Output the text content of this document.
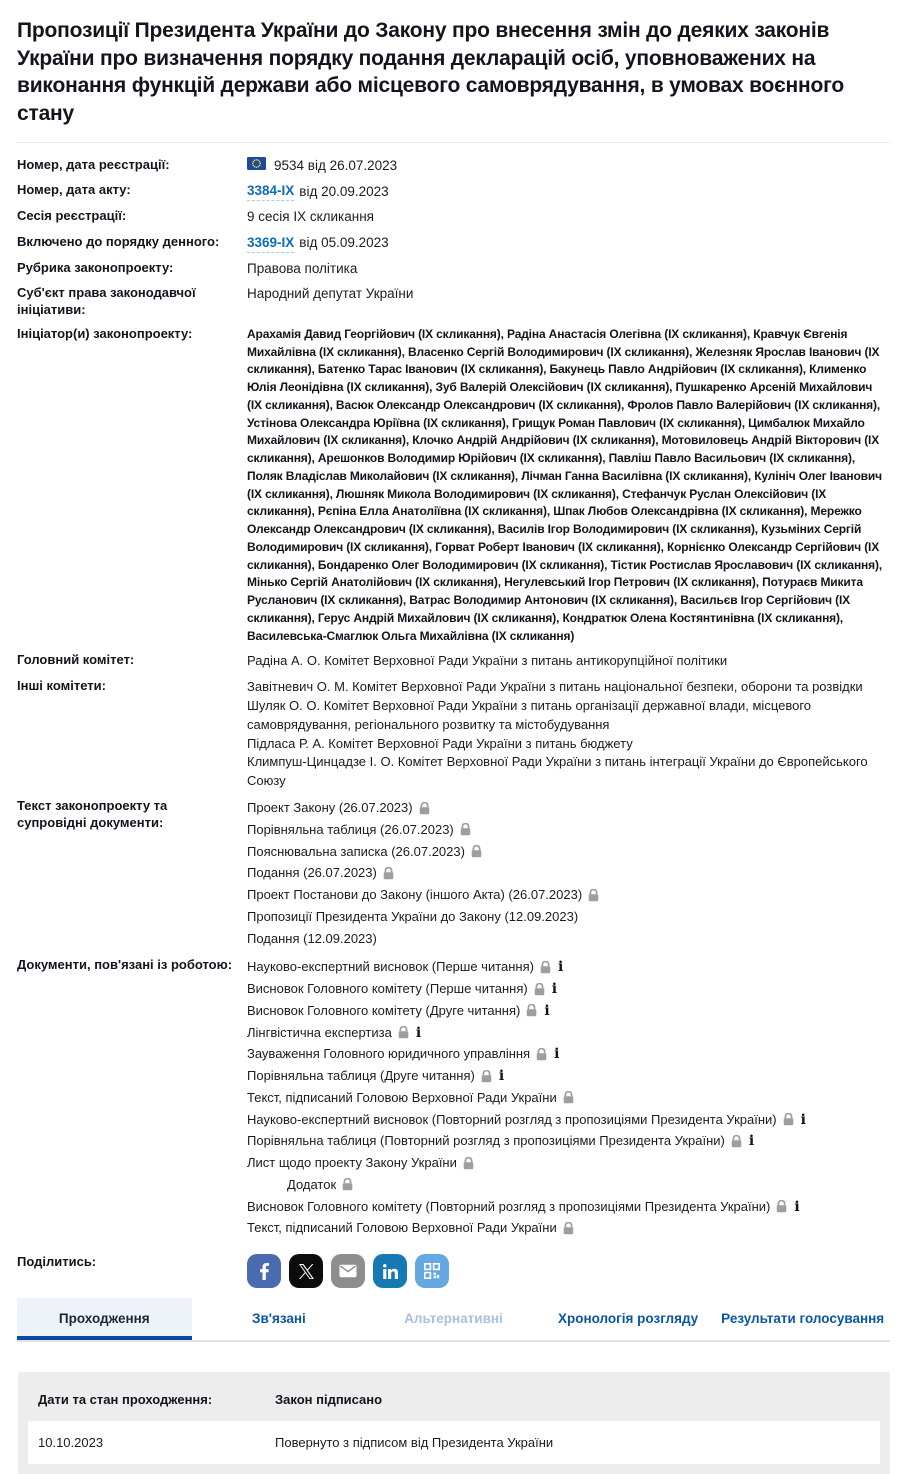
Пропозиції Президента України до Закону про внесення змін до деяких законів України про визначення порядку подання декларацій осіб, уповноважених на виконання функцій держави або місцевого самоврядування, в умовах воєнного стану
Номер, дата реєстрації:	9534 від 26.07.2023
Номер, дата акту:	3384-IX від 20.09.2023
Сесія реєстрації:	9 сесія IX скликання
Включено до порядку денного:	3369-IX від 05.09.2023
Рубрика законопроекту:	Правова політика
Суб'єкт права законодавчої ініціативи:
Народний депутат України
Ініціатор(и) законопроекту:	Арахамія Давид Георгійович (IX скликання), Радіна Анастасія Олегівна (IX скликання), Кравчук Євгенія Михайлівна (IX скликання), Власенко Сергій Володимирович (IX скликання), Железняк Ярослав Іванович (IX скликання), Батенко Тарас Іванович (IX скликання), Бакунець Павло Андрійович (IX скликання), Клименко Юлія Леонідівна (IX скликання), Зуб Валерій Олексійович (IX скликання), Пушкаренко Арсеній Михайлович (IX скликання), Васюк Олександр Олександрович (IX скликання), Фролов Павло Валерійович (IX скликання), Устінова Олександра Юріївна (IX скликання), Грищук Роман Павлович (IX скликання), Цимбалюк Михайло Михайлович (IX скликання), Клочко Андрій Андрійович (IX скликання), Мотовиловець Андрій Вікторович (IX скликання), Арешонков Володимир Юрійович (IX скликання), Павліш Павло Васильович (IX скликання), Поляк Владіслав Миколайович (IX скликання), Лічман Ганна Василівна (IX скликання), Кулініч Олег Іванович (IX скликання), Люшняк Микола Володимирович (IX скликання), Стефанчук Руслан Олексійович (IX скликання), Рєпіна Елла Анатоліївна (IX скликання), Шпак Любов Олександрівна (IX скликання), Мережко Олександр Олександрович (IX скликання), Василів Ігор Володимирович (IX скликання), Кузьміних Сергій Володимирович (IX скликання), Горват Роберт Іванович (IX скликання), Корнієнко Олександр Сергійович (IX скликання), Бондаренко Олег Володимирович (IX скликання), Тістик Ростислав Ярославович (IX скликання), Мінько Сергій Анатолійович (IX скликання), Негулевський Ігор Петрович (IX скликання), Потураєв Микита Русланович (IX скликання), Ватрас Володимир Антонович (IX скликання), Васильєв Ігор Сергійович (IX скликання), Герус Андрій Михайлович (IX скликання), Кондратюк Олена Костянтинівна (IX скликання), Василевська-Смаглюк Ольга Михайлівна (IX скликання)
Головний комітет:	Радіна А. О. Комітет Верховної Ради України з питань антикорупційної політики
Інші комітети:	Завітневич О. М. Комітет Верховної Ради України з питань національної безпеки, оборони та розвідки
Шуляк О. О. Комітет Верховної Ради України з питань організації державної влади, місцевого самоврядування, регіонального розвитку та містобудування
Підласа Р. А. Комітет Верховної Ради України з питань бюджету
Климпуш-Цинцадзе І. О. Комітет Верховної Ради України з питань інтеграції України до Європейського Союзу
Текст законопроекту та супровідні документи:
Проект Закону (26.07.2023)
Порівняльна таблиця (26.07.2023)
Пояснювальна записка (26.07.2023)
Подання (26.07.2023)
Проект Постанови до Закону (іншого Акта) (26.07.2023)
Пропозиції Президента України до Закону (12.09.2023)
Подання (12.09.2023)
Документи, пов'язані із роботою:	Науково-експертний висновок (Перше читання) i
Висновок Головного комітету (Перше читання) i
Висновок Головного комітету (Друге читання) i
Лінгвістична експертиза i
Зауваження Головного юридичного управління i
Порівняльна таблиця (Друге читання) i
Текст, підписаний Головою Верховної Ради України
Науково-експертний висновок (Повторний розгляд з пропозиціями Президента України) i
Порівняльна таблиця (Повторний розгляд з пропозиціями Президента України) i
Лист щодо проекту Закону України
Додаток
Висновок Головного комітету (Повторний розгляд з пропозиціями Президента України) i
Текст, підписаний Головою Верховної Ради України
Поділитись:
Проходження	Зв'язані	Альтернативні	Хронологія розгляду	Результати голосування
Дати та стан проходження:	Закон підписано
10.10.2023	Повернуто з підписом від Президента України
